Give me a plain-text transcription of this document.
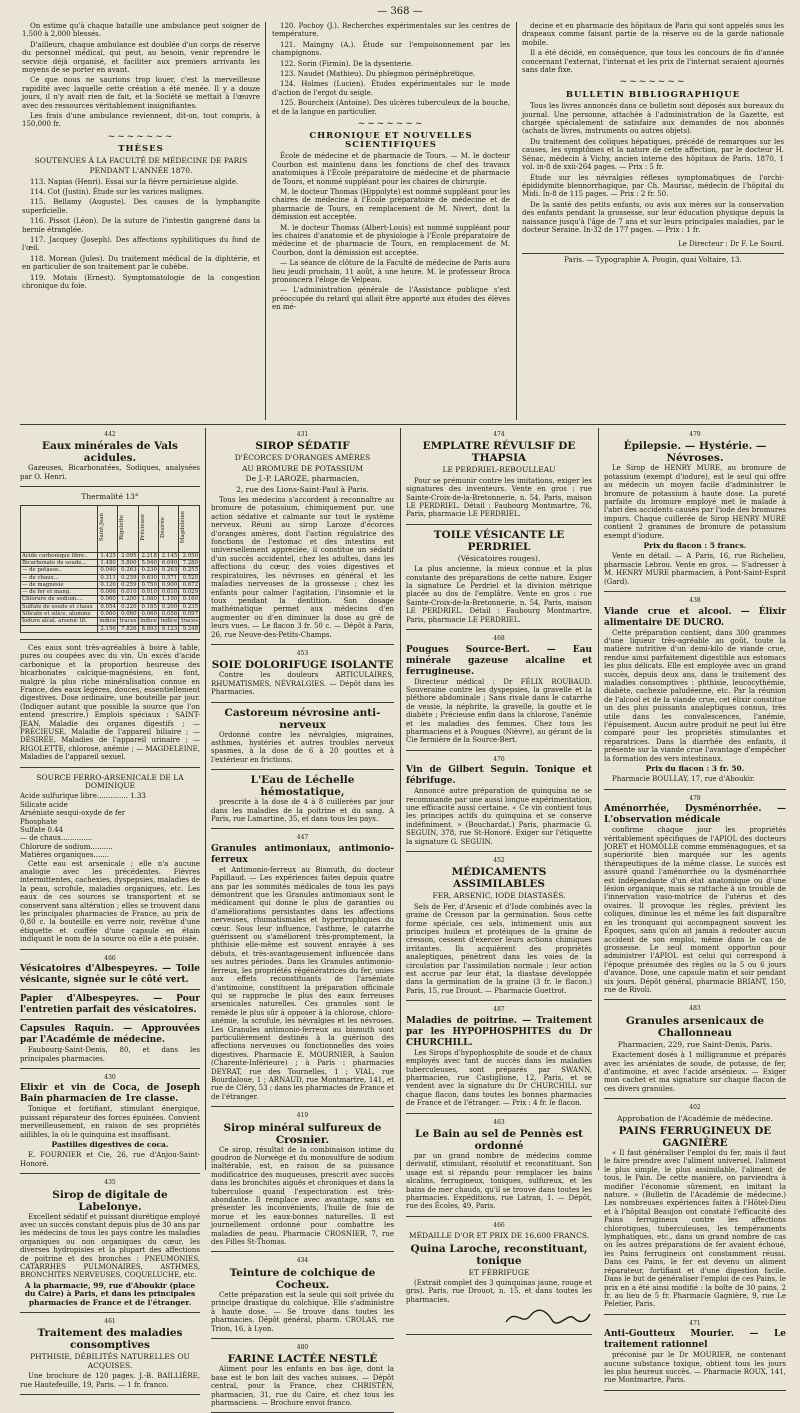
— 368 —

On estime qu'à chaque bataille une ambulance peut soigner de 1,500 à 2,000 blessés.

D'ailleurs, chaque ambulance est doublée d'un corps de réserve du personnel médical, qui peut, au besoin, venir reprendre le service déjà organisé, et faciliter aux premiers arrivants les moyens de se porter en avant.

Ce que nous ne saurions trop louer, c'est la merveilleuse rapidité avec laquelle cette création a été menée. Il y a douze jours, il n'y avait rien de fait, et la Société se mettait à l'œuvre avec des ressources véritablement insignifiantes.

Les frais d'une ambulance reviennent, dit-on, tout compris, à 150,000 fr.

~~~~~~~
THÈSES
SOUTENUES À LA FACULTÉ DE MÉDECINE DE PARIS
PENDANT L'ANNÉE 1870.

113. Napias (Henri). Essai sur la fièvre pernicieuse algide.

114. Cot (Justin). Étude sur les varices malignes.

115. Bellamy (Auguste). Des causes de la lymphangite superficielle.

116. Pissot (Léon). De la suture de l'intestin gangrené dans la hernie étranglée.

117. Jacquey (Joseph). Des affections syphilitiques du fond de l'œil.

118. Morean (Jules). Du traitement médical de la diphtérie, et en particulier de son traitement par le cubèbe.

119. Motais (Ernest). Symptomatologie de la congestion chronique du foie.

120. Pochoy (J.). Recherches expérimentales sur les centres de température.

121. Maingny (A.). Étude sur l'empoisonnement par les champignons.

122. Sorin (Firmin). De la dysenterie.

123. Naudet (Mathieu). Du phlegmon périnéphrétique.

124. Holmes (Lucien). Études expérimentales sur le mode d'action de l'ergot du seigle.

125. Bourcheix (Antoine). Des ulcères tuberculeux de la bouche, et de la langue en particulier.

~~~~~~~
CHRONIQUE ET NOUVELLES SCIENTIFIQUES

École de médecine et de pharmacie de Tours. — M. le docteur Courbon est maintenu dans les fonctions de chef des travaux anatomiques à l'École préparatoire de médecine et de pharmacie de Tours, et nommé suppléant pour les chaires de chirurgie.

M. le docteur Thomas (Hippolyte) est nommé suppléant pour les chaires de médecine à l'École préparatoire de médecine et de pharmacie de Tours, en remplacement de M. Nivert, dont la démission est acceptée.

M. le docteur Thomas (Albert-Louis) est nommé suppléant pour les chaires d'anatomie et de physiologie à l'École préparatoire de médecine et de pharmacie de Tours, en remplacement de M. Courbon, dont la démission est acceptée.

— La séance de clôture de la Faculté de médecine de Paris aura lieu jeudi prochain, 11 août, à une heure. M. le professeur Broca prononcera l'éloge de Velpeau.

— L'administration générale de l'Assistance publique s'est préoccupée du retard qui allait être apporté aux études des élèves en mé-

decine et en pharmacie des hôpitaux de Paris qui sont appelés sous les drapeaux comme faisant partie de la réserve ou de la garde nationale mobile.

Il a été décidé, en conséquence, que tous les concours de fin d'année concernant l'externat, l'internat et les prix de l'internat seraient ajournés sans date fixe.

~~~~~~~
BULLETIN BIBLIOGRAPHIQUE

Tous les livres annoncés dans ce bulletin sont déposés aux bureaux du journal. Une personne, attachée à l'administration de la Gazette, est chargée spécialement de satisfaire aux demandes de nos abonnés (achats de livres, instruments ou autres objets).

Du traitement des coliques hépatiques, précédé de remarques sur les causes, les symptômes et la nature de cette affection, par le docteur H. Sénac, médecin à Vichy, ancien interne des hôpitaux de Paris. 1870, 1 vol. in-8 de xxii-264 pages. — Prix : 5 fr.

Étude sur les névralgies réflexes symptomatiques de l'orchi-épididymite blennorrhagique, par Ch. Mauriac, médecin de l'hôpital du Midi. In-8 de 115 pages. — Prix : 2 fr. 50.

De la santé des petits enfants, ou avis aux mères sur la conservation des enfants pendant la grossesse, sur leur éducation physique depuis la naissance jusqu'à l'âge de 7 ans et sur leurs principales maladies, par le docteur Seraine. In-32 de 177 pages. — Prix : 1 fr.

Le Directeur : Dr F. Le Sourd.
Paris. — Typographie A. Pougin, quai Voltaire, 13.
442
Eaux minérales de Vals acidules.

Gazeuses, Bicarbonatées, Sodiques, analysées par O. Henri.

Thermalité 13°
	Saint-Jean	Rigolette	Précieuse	Désirée	Magdeleine
Acide carbonique libre..	1.425	2.095	2.218	2.145	2.050
Bicarbonate de soude...	1.480	5.800	5.940	6.040	7.280
— de potasse..	0.040	0.263	0.230	0.263	0.255
— de chaux...	0.311	0.259	0.630	0.571	0.520
— de magnésie	0.120	0.259	0.750	0.900	0.672
— de fer et mang.	0.006	0.010	0.010	0.010	0.029
Chlorure de sodium....	0.060	1.200	1.080	1.100	0.160
Sulfate de soude et chaux	0.054	0.220	0.185	0.200	0.235
Silicate et silice, alumine	0.060	0.060	0.060	0.058	0.097
Iodure alcal. arsenic lit.	indice	traces	indice	indice	traces
	2.156	7.826	8.893	9.123	9.248

Ces eaux sont très-agréables à boire à table, pures ou coupées avec du vin. Un excès d'acide carbonique et la proportion heureuse des bicarbonates calcique-magnésiens, en font, malgré la plus riche minéralisation connue en France, des eaux légères, douces, essentiellement digestives. Dose ordinaire, une bouteille par jour. (Indiquer autant que possible la source que l'on entend prescrire.) Emplois spéciaux : SAINT-JEAN, Maladie des organes digestifs ; — PRÉCIEUSE, Maladie de l'appareil biliaire ; — DÉSIRÉE, Maladies de l'appareil urinaire ; — RIGOLETTE, chlorose, anémie ; — MAGDELEINE, Maladies de l'appareil sexuel.

SOURCE FERRO-ARSENICALE DE LA DOMINIQUE
Acide sulfurique libre.............. 1.33
Silicate acide
Arséniate sesqui-oxyde de fer
Phosphate
Sulfate 0.44
— de chaux..............
Chlorure de sodium..........
Matières organiques.......

Cette eau est arsenicale ; elle n'a aucune analogie avec les précédentes. Fièvres intermittentes, cachexies, dyspepsies, maladies de la peau, scrofule, maladies organiques, etc. Les eaux de ces sources se transportent et se conservent sans altération ; elles se trouvent dans les principales pharmacies de France, au prix de 0,80 c. la bouteille en verre noir, revêtue d'une étiquette et coiffée d'une capsule en étain indiquant le nom de la source où elle a été puisée.

466
Vésicatoires d'Albespeyres. — Toile vésicante, signée sur le côté vert.
Papier d'Albespeyres. — Pour l'entretien parfait des vésicatoires.
Capsules Raquin. — Approuvées par l'Académie de médecine.

Faubourg-Saint-Denis, 80, et dans les principales pharmacies.

430
Elixir et vin de Coca, de Joseph Bain pharmacien de 1re classe.

Tonique et fortifiant, stimulant énergique, puissant réparateur des forces épuisées. Convient merveilleusement, en raison de ses propriétés aiilibles, la où le quinquina est insuffisant.

Pastilles digestives de coca.

E. FOURNIER et Cie, 26, rue d'Anjou-Saint-Honoré.

435
Sirop de digitale de Labelonye.

Excellent sédatif et puissant diurétique employé avec un succès constant depuis plus de 30 ans par les médecins de tous les pays contre les maladies organiques ou non organiques du cœur, les diverses hydropisies et la plupart des affections de poitrine et des bronches : PNEUMONIES, CATARRHES PULMONAIRES, ASTHMES, BRONCHITES NERVEUSES, COQUELUCHE, etc.

A la pharmacie, 99, rue d'Aboukir (place du Caire) à Paris, et dans les principales pharmacies de France et de l'étranger.
461
Traitement des maladies consomptives
PHTHISIE, DÉBILITÉS NATURELLES OU ACQUISES.

Une brochure de 120 pages. J.-B. BAILLIÈRE, rue Hautefeuille, 19, Paris. — 1 fr. franco.

431
SIROP SÉDATIF
D'ÉCORCES D'ORANGES AMÈRES
AU BROMURE DE POTASSIUM
De J.-P. LAROZE, pharmacien,
2, rue des Lions-Saint-Paul à Paris.

Tous les médecins s'accordent à reconnaître au bromure de potassium, chimiquement pur, une action sédative et calmante sur tout le système nerveux. Réuni au sirop Laroze d'écorces d'oranges amères, dont l'action régulatrice des fonctions de l'estomac et des intestins est universellement appréciée, il constitue un sédatif d'un succès accidentel, chez les adultes, dans les affections du cœur, des voies digestives et respiratoires, les névroses en général et les maladies nerveuses de la grossesse ; chez les enfants pour calmer l'agitation, l'insomnie et la toux pendant la dentition. Son dosage mathématique permet aux médecins d'en augmenter ou d'en diminuer la dose au gré de leurs vues. — Le flacon 3 fr. 50 c. — Dépôt à Paris, 26, rue Neuve-des-Petits-Champs.

453
SOIE DOLORIFUGE ISOLANTE

Contre les douleurs ARTICULAIRES, RHUMATISMES, NÉVRALGIES. — Dépôt dans les Pharmacies.

Castoreum névrosine anti-nerveux

Ordonné contre les névralgies, migraines, asthmes, hystéries et autres troubles nerveux spasmes, à la dose de 6 à 20 gouttes et à l'extérieur en frictions.

L'Eau de Léchelle hémostatique,

prescrite à la dose de 4 à 8 cuillerées par jour dans les maladies de la poitrine et du sang. A Paris, rue Lamartine, 35, et dans tous les pays.

447
Granules antimoniaux, antimonio-ferreux

et Antimonio-ferreux au Bismuth, du docteur Papillaud. — Les expériences faites depuis quatre ans par les sommités médicales de tous les pays démontrent que les Granules antimoniaux sont le médicament qui donne le plus de garanties ou d'améliorations persistantes dans les affections nerveuses, rhumatismales et hypertrophiques du cœur. Sous leur influence, l'asthme, le catarrhe guérissent ou s'améliorent très-promptement, la phthisie elle-même est souvent enrayée à ses débuts, et très-avantageusement influencée dans ses autres périodes. Dans les Granules antimonio-ferreux, les propriétés régénératrices du fer, unies aux effets reconstituants de l'arséniate d'antimoine, constituent la préparation officinale qui se rapproche le plus des eaux ferreuses arsenicales naturelles. Ces granules sont le remède le plus sûr à opposer à la chlorose, chloro-anémie, la scrofule, les névralgies et les névroses. Les Granules antimonio-ferreux au bismuth sont particulièrement destinés à la guérison des affections nerveuses ou fonctionnelles des voies digestives. Pharmacie E. MOURNIER, à Saulon (Charente-Inférieure) ; à Paris : pharmacies DEYRAT, rue des Tournelles, 1 ; VIAL, rue Bourdaloue, 1 ; ARNAUD, rue Montmartre, 141, et rue de Cléry, 53 ; dans les pharmacies de France et de l'étranger.

419
Sirop minéral sulfureux de Crosnier.

Ce sirop, résultat de la combinaison intime du goudron de Norwège et du monosulfure de sodium inaltérable, est, en raison de sa puissance modificatrice des muqueuses, prescrit avec succès dans les bronchites aiguës et chroniques et dans la tuberculose quand l'expectoration est très-abondante. Il remplace avec avantage, sans en présenter les inconvénients, l'huile de foie de morue et les eaux-bonnes naturelles. Il est journellement ordonné pour combattre les maladies de peau. Pharmacie CROSNIER, 7, rue des Filles St-Thomas.

434
Teinture de colchique de Cocheux.

Cette préparation est la seule qui soit privée du principe drastique du colchique. Elle s'administre à haute dose. — Se trouve dans toutes les pharmacies. Dépôt général, pharm. CROLAS, rue Trion, 16, à Lyon.

480
FARINE LACTÉE NESTLÉ

Aliment pour les enfants en bas âge, dont la base est le bon lait des vaches suisses. — Dépôt central, pour la France, chez CHRISTEN, pharmacien, 31, rue du Caire, et chez tous les pharmaciens. — Brochure envoi franco.

474
EMPLATRE RÉVULSIF DE THAPSIA
LE PERDRIEL-REBOULLEAU

Pour se prémunir contre les imitations, exiger les signatures des inventeurs. Vente en gros : rue Sainte-Croix-de-la-Bretonnerie, n. 54, Paris, maison LE PERDRIEL. Détail : Faubourg Montmartre, 76, Paris, pharmacie LE PERDRIEL.

TOILE VÉSICANTE LE PERDRIEL
(Vésicatoires rouges).

La plus ancienne, la mieux connue et la plus constante des préparations de cette nature. Exiger la signature Le Perdriel et la division métrique placée au dos de l'emplâtre. Vente en gros : rue Sainte-Croix-de-la-Bretonnerie, n. 54, Paris, maison LE PERDRIEL. Détail : Faubourg Montmartre, Paris, pharmacie LE PERDRIEL.

468
Pougues Source-Bert. — Eau minérale gazeuse alcaline et ferrugineuse.

Directeur médical : Dr FÉLIX ROUBAUD. Souveraine contre les dyspepsies, la gravelle et la pléthore abdominale ; Sans rivale dans le catarrhe de vessie, la néphrite, la gravelle, la goutte et le diabète ; Précieuse enfin dans la chlorose, l'anémie et les maladies des femmes. Chez tous les pharmaciens et à Pougues (Nièvre), au gérant de la Cie fermière de la Source-Bert.

476
Vin de Gilbert Seguin. Tonique et fébrifuge.

Annoncé autre préparation de quinquina ne se recommande par une aussi longue expérimentation, une efficacité aussi certaine. « Ce vin contient tous les principes actifs du quinquina et se conserve indéfiniment. » (Bouchardat.) Paris, pharmacie G. SEGUIN, 378, rue St-Honoré. Exiger sur l'étiquette la signature G. SEGUIN.

452
MÉDICAMENTS ASSIMILABLES
FER, ARSENIC, IODE DIASTASÉS.

Sels de Fer, d'Arsenic et d'Iode combinés avec la graine de Cresson par la germination. Sous cette forme spéciale, ces sels, intimement unis aux principes huileux et protéiques de la graine de cresson, cessent d'exercer leurs actions chimiques irritantes. Ils acquièrent des propriétés analeptiques, pénètrent dans les voies de la circulation par l'assimilation normale ; leur action est accrue par leur état, la diastase développée dans la germination de la graine (3 fr. le flacon.) Paris, 15, rue Drouot. — Pharmacie Guettrot.

487
Maladies de poitrine. — Traitement par les HYPOPHOSPHITES du Dr CHURCHILL.

Les Sirops d'hypophosphite de soude et de chaux employés avec tant de succès dans les maladies tuberculeuses, sont préparés par SWANN, pharmacien, rue Castiglione, 12, Paris, et se vendent avec la signature du Dr CHURCHILL sur chaque flacon, dans toutes les bonnes pharmacies de France et de l'étranger. — Prix : 4 fr. le flacon.

463
Le Bain au sel de Pennès est ordonné

par un grand nombre de médecins comme dérivatif, stimulant, résolutif et reconstituant. Son usage est si répandu pour remplacer les bains alcalins, ferrugineux, toniques, sulfureux, et les bains de mer chauds, qu'il se trouve dans toutes les pharmacies. Expéditions, rue Latran, 1. — Dépôt, rue des Écoles, 49, Paris.

466
MÉDAILLE D'OR ET PRIX DE 16,600 FRANCS.
Quina Laroche, reconstituant, tonique
ET FÉBRIFUGE

(Extrait complet des 3 quinquinas jaune, rouge et gris). Paris, rue Drouot, n. 15, et dans toutes les pharmacies.

479
Épilepsie. — Hystérie. — Névroses.

Le Sirop de HENRY MURE, au bromure de potassium (exempt d'iodure), est le seul qui offre au médecin un moyen facile d'administrer le bromure de potassium à haute dose. La pureté parfaite du bromure employé met le malade à l'abri des accidents causés par l'iode des bromures impurs. Chaque cuillerée de Sirop HENRY MURE contient 2 grammes de bromure de potassium exempt d'iodure.

Prix du flacon : 5 francs.

Vente en détail. — A Paris, 16, rue Richelieu, pharmacie Lebrou. Vente en gros. — S'adresser à M. HENRY MURE pharmacien, à Pont-Saint-Esprit (Gard).

438
Viande crue et alcool. — Élixir alimentaire DE DUCRO.

Cette préparation contient, dans 300 grammes d'une liqueur très-agréable au goût, toute la matière nutritive d'un demi-kilo de viande crue, rendue ainsi parfaitement digestible aux estomacs les plus délicats. Elle est employée avec un grand succès, depuis deux ans, dans le traitement des maladies consomptives : phthisie, leucocythémie, diabète, cachexie paludéenne, etc. Par la réunion de l'alcool et de la viande crue, cet élixir constitue un des plus puissants analeptiques connus, très utile dans les convalescences, l'anémie, l'épuisement. Aucun autre produit ne peut lui être comparé pour les propriétés stimulantes et réparatrices. Dans la diarrhée des enfants, il présente sur la viande crue l'avantage d'empêcher la formation des vers intestinaux.

Prix du flacon : 3 fr. 50.

Pharmacie BOULLAY, 17, rue d'Aboukir.

478
Aménorrhée, Dysménorrhée. — L'observation médicale

confirme chaque jour les propriétés véritablement spécifiques de l'APIOL des docteurs JORET et HOMOLLE comme emménagogues, et sa supériorité bien marquée sur les agents thérapeutiques de la même classe. Le succès est assuré quand l'aménorrhée ou la dysménorrhée est indépendante d'un état anatomique ou d'une lésion organique, mais se rattache à un trouble de l'innervation vaso-motrice de l'utérus et des ovaires. Il provoque les règles, prévient les coliques, diminue les et même les fait disparaître en les tronquant qui accompagnent souvent les Époques, sans qu'on ait jamais à redouter aucun accident de son emploi, même dans le cas de grossesse. Le seul moment opportun pour administrer l'APIOL est celui qui correspond à l'époque présumée des règles ou la 5 ou 6 jours d'avance. Dose, une capsule matin et soir pendant six jours. Dépôt général, pharmacie BRIANT, 150, rue de Rivoli.

483
Granules arsenicaux de Challonneau
Pharmacien, 229, rue Saint-Denis, Paris.

Exactement dosés à 1 milligramme et préparés avec les arséniates de soude, de potasse, de fer, d'antimoine, et avec l'acide arsénieux. — Exiger mon cachet et ma signature sur chaque flacon de ces divers granules.

402
Approbation de l'Académie de médecine.
PAINS FERRUGINEUX DE GAGNIÈRE

« Il faut généraliser l'emploi du fer, mais il faut le faire prendre avec l'aliment universel, l'aliment le plus simple, le plus assimilable, l'aliment de tous, le Pain. De cette manière, on parviendra à modifier l'économie sûrement, en imitant la nature. » (Bulletin de l'Académie de médecine.) Les nombreuses expériences faites à l'Hôtel-Dieu et à l'hôpital Beaujon ont constaté l'efficacité des Pains ferrugineux contre les affections chlorotiques, tuberculeuses, les tempéraments lymphatiques, etc., dans un grand nombre de cas où les autres préparations de fer avaient échoué, les Pains ferrugineux ont constamment réussi. Dans ces Pains, le fer est devenu un aliment réparateur, fortifiant et d'une digestion facile. Dans le but de généraliser l'emploi de ces Pains, le prix en a été ainsi modifié : la boîte de 30 pains, 2 fr. au lieu de 5 fr. Pharmacie Gagnière, 9, rue Le Peletier, Paris.

471
Anti-Goutteux Mourier. — Le traitement rationnel

préconisé par le Dr MOURIER, ne contenant aucune substance toxique, obtient tous les jours les plus heureux succès. — Pharmacie ROUX, 141, rue Montmartre, Paris.
